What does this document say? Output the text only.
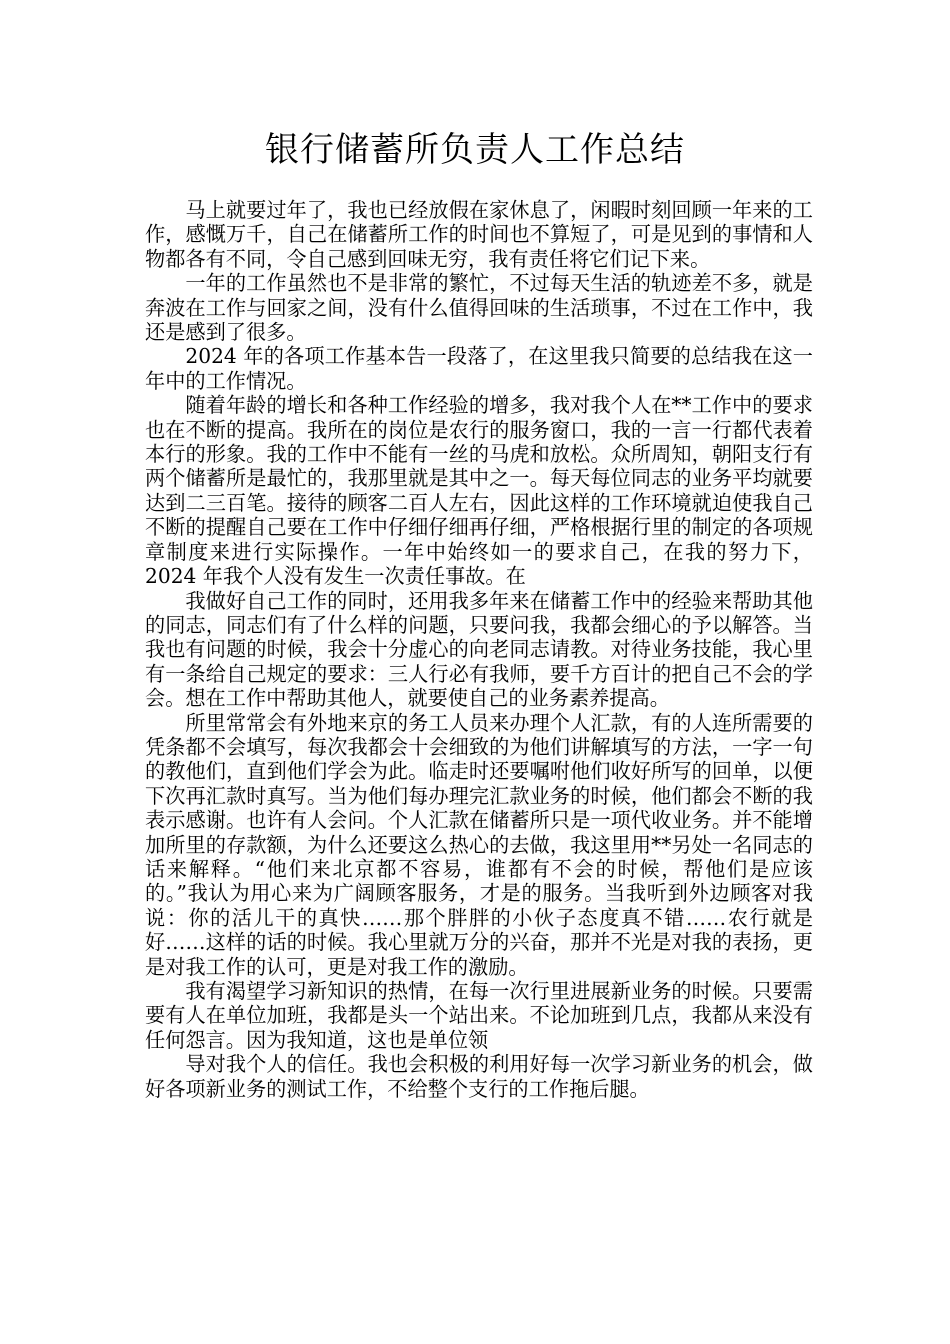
银行储蓄所负责人工作总结

马上就要过年了，我也已经放假在家休息了，闲暇时刻回顾一年来的工作，感慨万千，自己在储蓄所工作的时间也不算短了，可是见到的事情和人物都各有不同，令自己感到回味无穷，我有责任将它们记下来。

一年的工作虽然也不是非常的繁忙，不过每天生活的轨迹差不多，就是奔波在工作与回家之间，没有什么值得回味的生活琐事，不过在工作中，我还是感到了很多。

2024 年的各项工作基本告一段落了，在这里我只简要的总结我在这一年中的工作情况。

随着年龄的增长和各种工作经验的增多，我对我个人在**工作中的要求也在不断的提高。我所在的岗位是农行的服务窗口，我的一言一行都代表着本行的形象。我的工作中不能有一丝的马虎和放松。众所周知，朝阳支行有两个储蓄所是最忙的，我那里就是其中之一。每天每位同志的业务平均就要达到二三百笔。接待的顾客二百人左右，因此这样的工作环境就迫使我自己不断的提醒自己要在工作中仔细仔细再仔细，严格根据行里的制定的各项规章制度来进行实际操作。一年中始终如一的要求自己，在我的努力下，2024 年我个人没有发生一次责任事故。在

我做好自己工作的同时，还用我多年来在储蓄工作中的经验来帮助其他的同志，同志们有了什么样的问题，只要问我，我都会细心的予以解答。当我也有问题的时候，我会十分虚心的向老同志请教。对待业务技能，我心里有一条给自己规定的要求：三人行必有我师，要千方百计的把自己不会的学会。想在工作中帮助其他人，就要使自己的业务素养提高。

所里常常会有外地来京的务工人员来办理个人汇款，有的人连所需要的凭条都不会填写，每次我都会十会细致的为他们讲解填写的方法，一字一句的教他们，直到他们学会为此。临走时还要嘱咐他们收好所写的回单，以便下次再汇款时真写。当为他们每办理完汇款业务的时候，他们都会不断的我表示感谢。也许有人会问。个人汇款在储蓄所只是一项代收业务。并不能增加所里的存款额，为什么还要这么热心的去做，我这里用**另处一名同志的话来解释。“他们来北京都不容易，谁都有不会的时候，帮他们是应该的。”我认为用心来为广阔顾客服务，才是的服务。当我听到外边顾客对我说：你的活儿干的真快……那个胖胖的小伙子态度真不错……农行就是好……这样的话的时候。我心里就万分的兴奋，那并不光是对我的表扬，更是对我工作的认可，更是对我工作的激励。

我有渴望学习新知识的热情，在每一次行里进展新业务的时候。只要需要有人在单位加班，我都是头一个站出来。不论加班到几点，我都从来没有任何怨言。因为我知道，这也是单位领

导对我个人的信任。我也会积极的利用好每一次学习新业务的机会，做好各项新业务的测试工作，不给整个支行的工作拖后腿。
